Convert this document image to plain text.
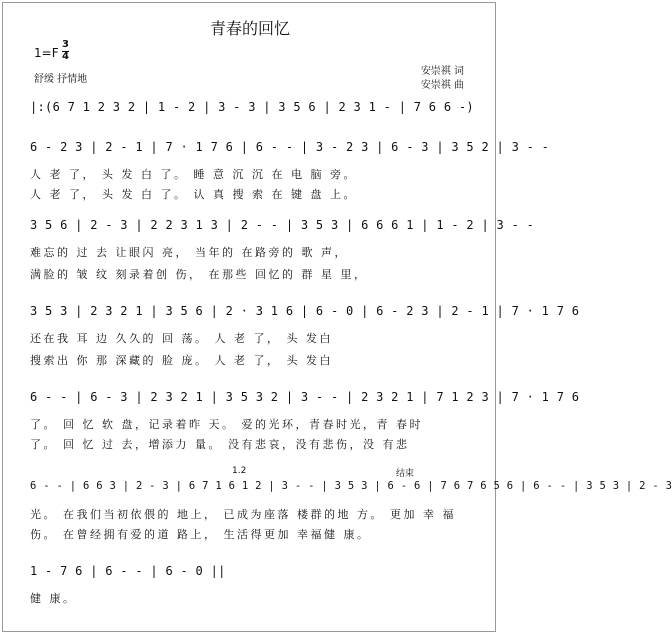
青春的回忆
1=F
3
4
舒缓 抒情地
安崇祺 词
安崇祺 曲
|:(6 7 1 2 3 2 | 1 - 2 | 3 - 3 | 3 5 6 | 2 3 1 - | 7 6 6 -)
6 - 2 3 | 2 - 1 | 7 · 1 7 6 | 6 - - | 3 - 2 3 | 6 - 3 | 3 5 2 | 3 - -
人 老 了， 头 发 白 了。 睡 意 沉 沉 在 电 脑 旁。
人 老 了， 头 发 白 了。 认 真 搜 索 在 键 盘 上。
3 5 6 | 2 - 3 | 2 2 3 1 3 | 2 - - | 3 5 3 | 6 6 6 1 | 1 - 2 | 3 - -
难忘的 过 去 让眼闪 亮， 当年的 在路旁的 歌 声，
满脸的 皱 纹 刻录着创 伤， 在那些 回忆的 群 星 里，
3 5 3 | 2 3 2 1 | 3 5 6 | 2 · 3 1 6 | 6 - 0 | 6 - 2 3 | 2 - 1 | 7 · 1 7 6
还在我 耳 边 久久的 回 荡。 人 老 了， 头 发白
搜索出 你 那 深藏的 脸 庞。 人 老 了， 头 发白
6 - - | 6 - 3 | 2 3 2 1 | 3 5 3 2 | 3 - - | 2 3 2 1 | 7 1 2 3 | 7 · 1 7 6
了。 回 忆 软 盘，记录着昨 天。 爱的光环，青春时光，青 春时
了。 回 忆 过 去，增添力 量。 没有悲哀，没有悲伤，没 有悲
1.2	结束
6 - - | 6 6 3 | 2 - 3 | 6 7 1 6 1 2 | 3 - - | 3 5 3 | 6 - 6 | 7 6 7 6 5 6 | 6 - - | 3 5 3 | 2 - 3
光。 在我们当初依偎的 地上， 已成为座落 楼群的地 方。 更加 幸 福
伤。 在曾经拥有爱的道 路上， 生活得更加 幸福健 康。
1 - 7 6 | 6 - - | 6 - 0 ||
健 康。
